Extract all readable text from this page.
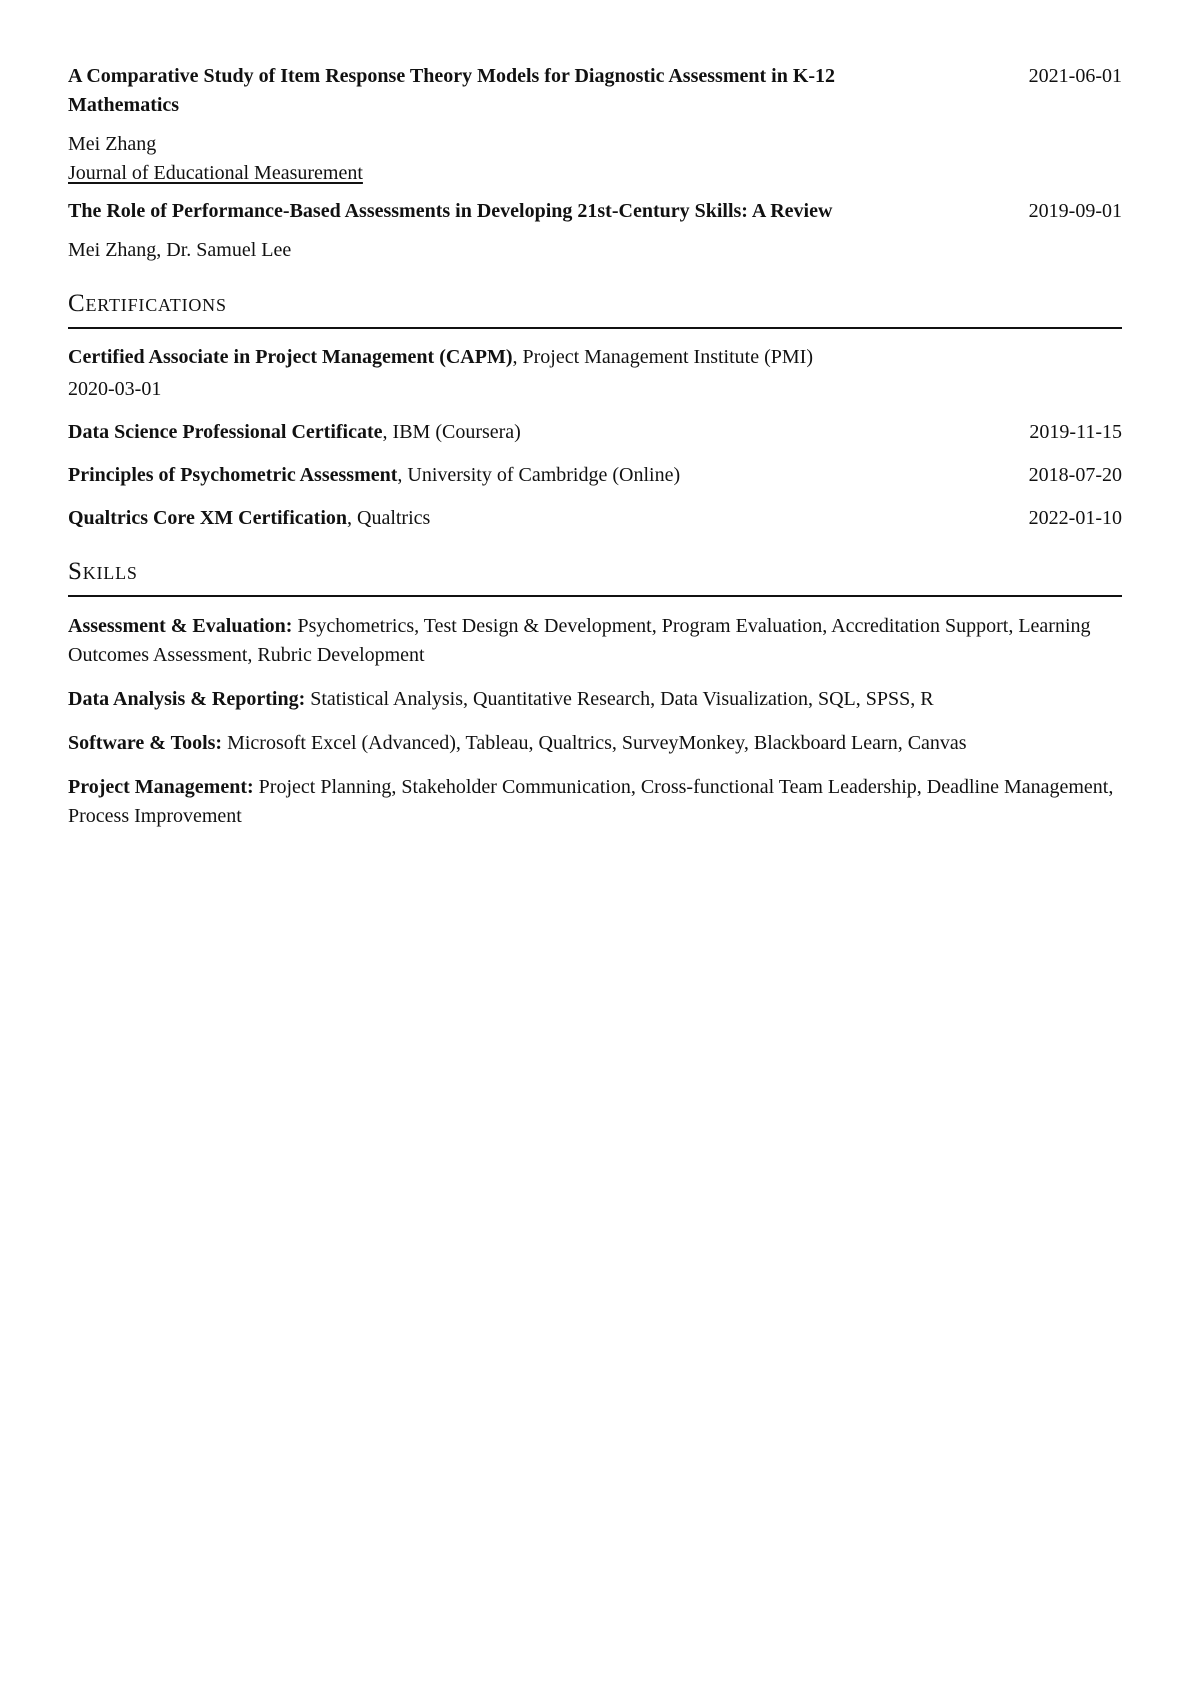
A Comparative Study of Item Response Theory Models for Diagnostic Assessment in K-12 Mathematics
2021-06-01

Mei Zhang

Journal of Educational Measurement

The Role of Performance-Based Assessments in Developing 21st-Century Skills: A Review	2019-09-01

Mei Zhang, Dr. Samuel Lee

Certifications

Certified Associate in Project Management (CAPM), Project Management Institute (PMI)

2020-03-01

Data Science Professional Certificate, IBM (Coursera)	2019-11-15

Principles of Psychometric Assessment, University of Cambridge (Online)	2018-07-20

Qualtrics Core XM Certification, Qualtrics	2022-01-10
Skills

Assessment & Evaluation: Psychometrics, Test Design & Development, Program Evaluation, Accreditation Support, Learning Outcomes Assessment, Rubric Development

Data Analysis & Reporting: Statistical Analysis, Quantitative Research, Data Visualization, SQL, SPSS, R

Software & Tools: Microsoft Excel (Advanced), Tableau, Qualtrics, SurveyMonkey, Blackboard Learn, Canvas

Project Management: Project Planning, Stakeholder Communication, Cross-functional Team Leadership, Deadline Management, Process Improvement
